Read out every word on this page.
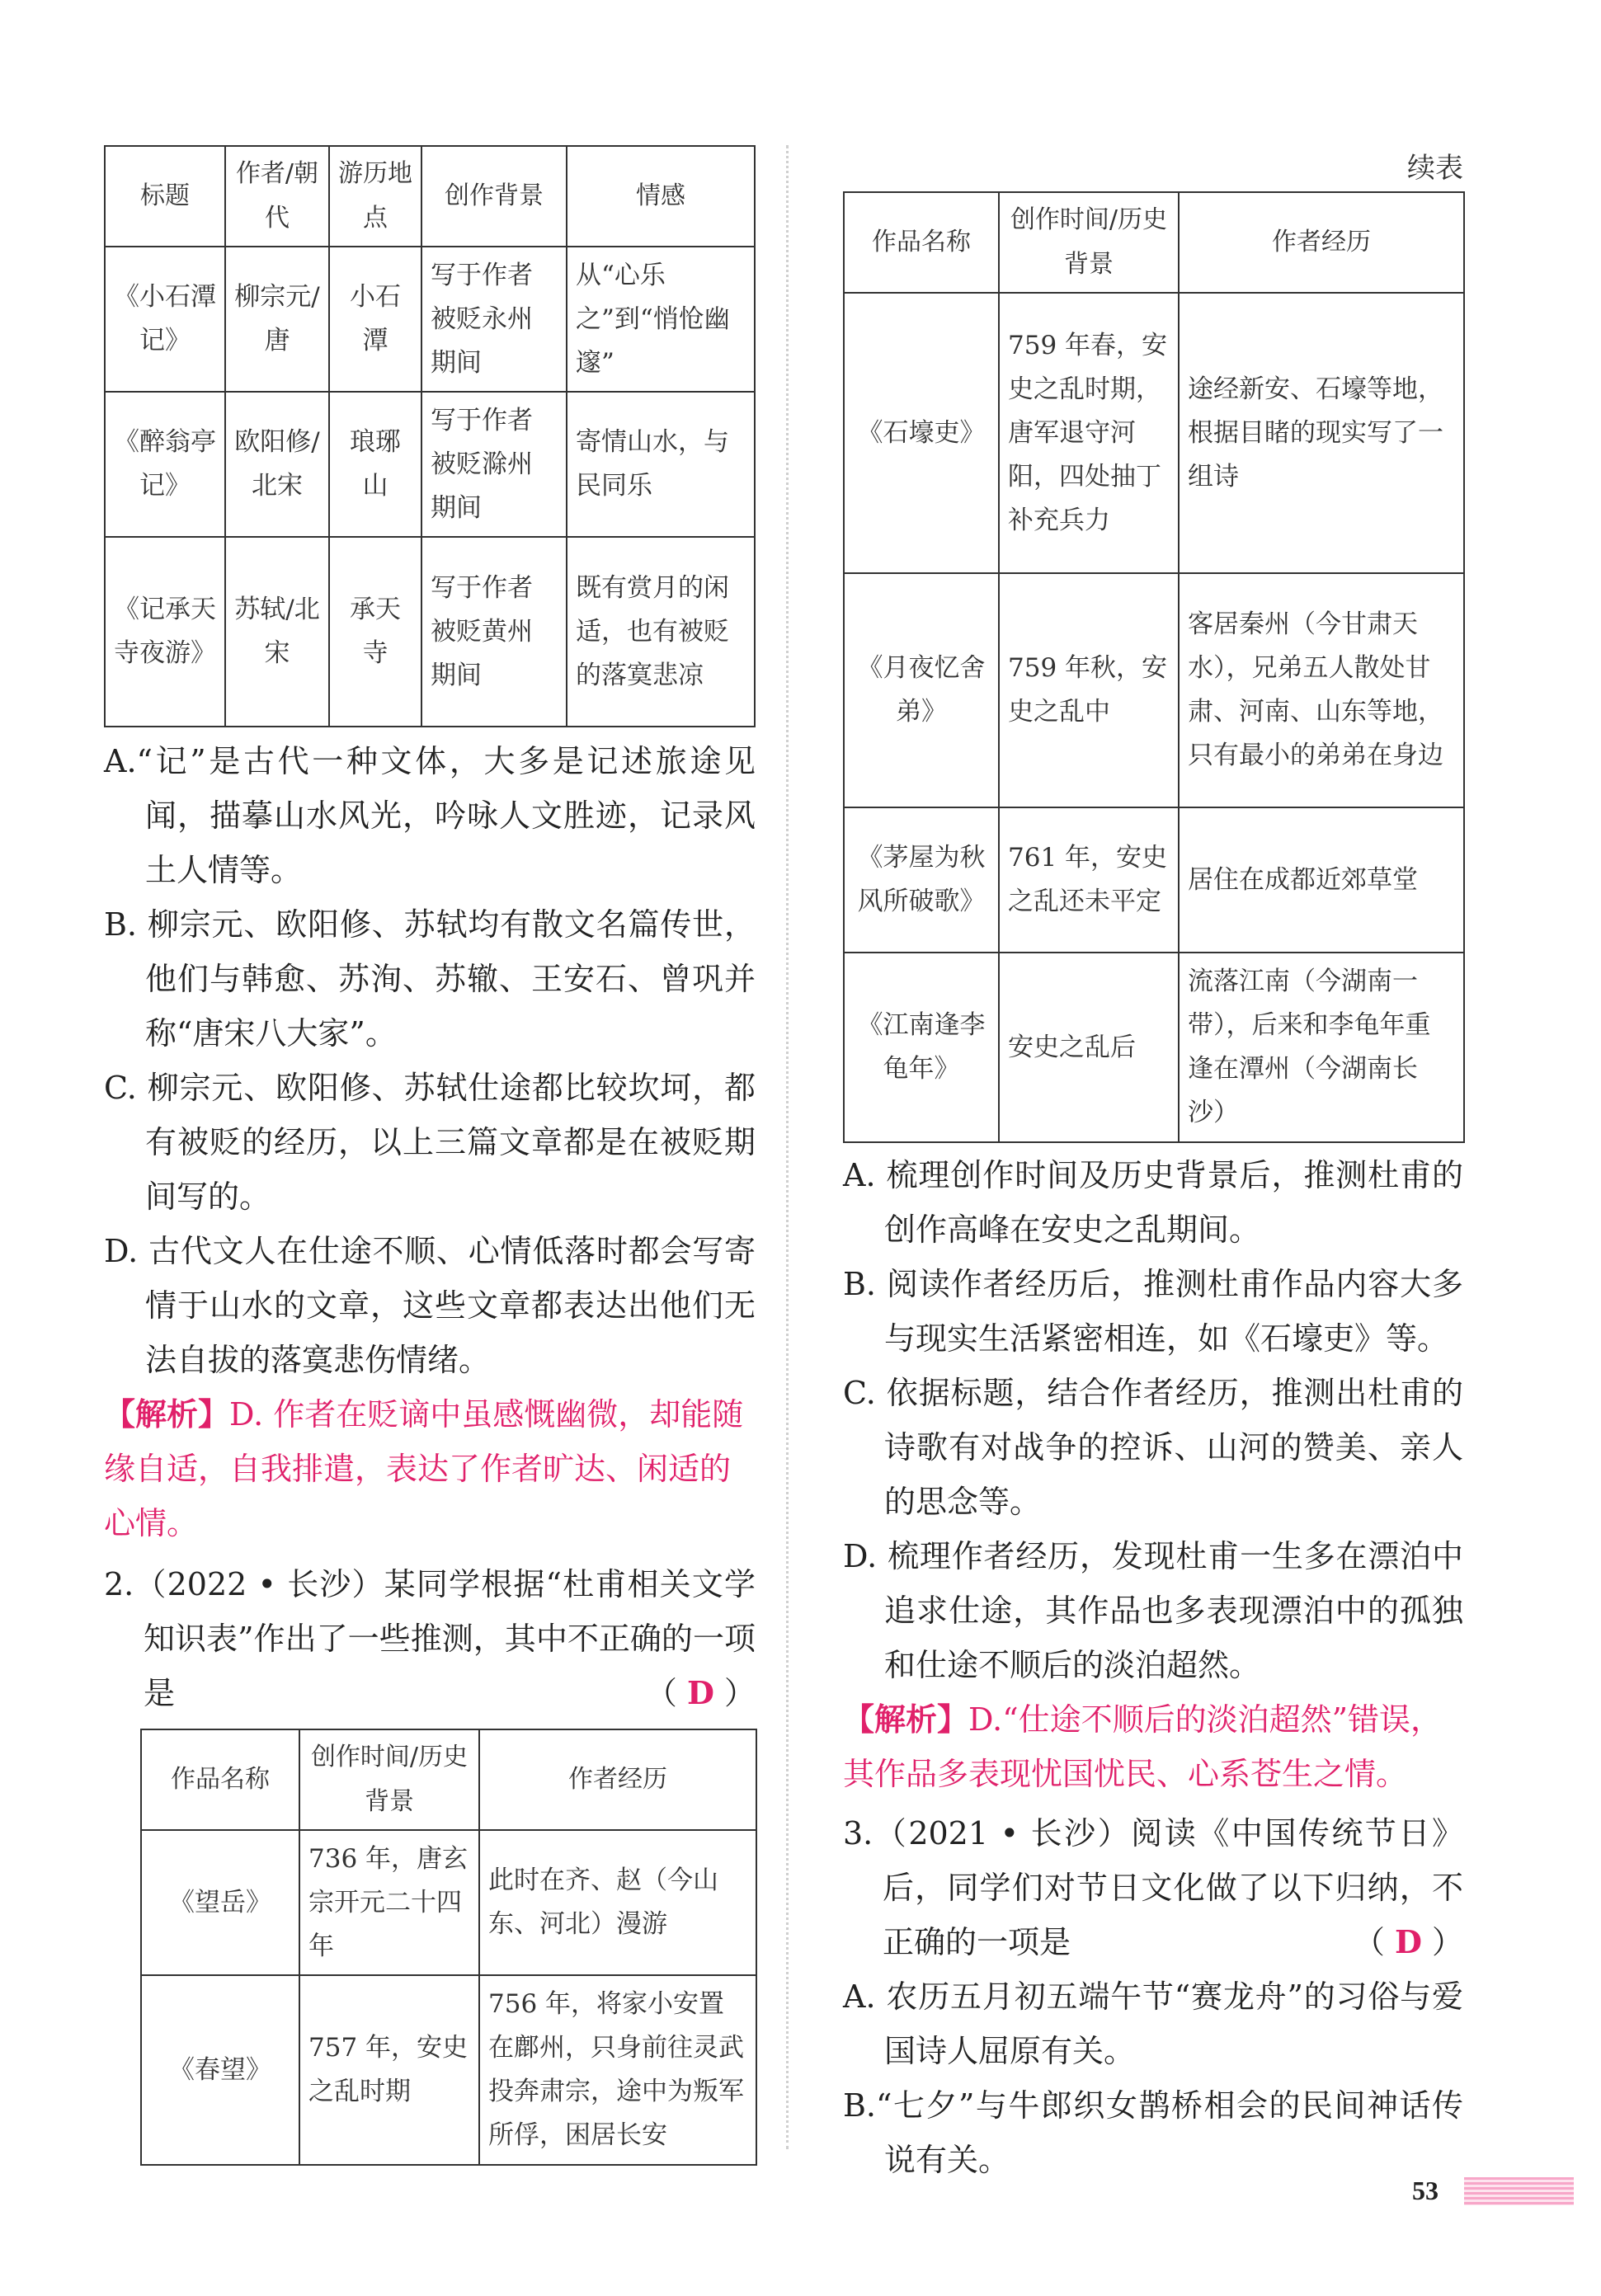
标题	作者/朝代	游历地点	创作背景	情感
《小石潭记》	柳宗元/唐	小石潭	写于作者被贬永州期间	从“心乐之”到“悄怆幽邃”
《醉翁亭记》	欧阳修/北宋	琅琊山	写于作者被贬滁州期间	寄情山水，与民同乐
《记承天寺夜游》	苏轼/北宋	承天寺	写于作者被贬黄州期间	既有赏月的闲适，也有被贬的落寞悲凉
A.“记”是古代一种文体，大多是记述旅途见闻，描摹山水风光，吟咏人文胜迹，记录风土人情等。
B. 柳宗元、欧阳修、苏轼均有散文名篇传世，他们与韩愈、苏洵、苏辙、王安石、曾巩并称“唐宋八大家”。
C. 柳宗元、欧阳修、苏轼仕途都比较坎坷，都有被贬的经历，以上三篇文章都是在被贬期间写的。
D. 古代文人在仕途不顺、心情低落时都会写寄情于山水的文章，这些文章都表达出他们无法自拔的落寞悲伤情绪。
【解析】D. 作者在贬谪中虽感慨幽微，却能随缘自适，自我排遣，表达了作者旷达、闲适的心情。
2.（2022 • 长沙）某同学根据“杜甫相关文学知识表”作出了一些推测，其中不正确的一项是	（ D ）
作品名称	创作时间/历史背景	作者经历
《望岳》	736 年，唐玄宗开元二十四年	此时在齐、赵（今山东、河北）漫游
《春望》	757 年，安史之乱时期	756 年，将家小安置在鄜州，只身前往灵武投奔肃宗，途中为叛军所俘，困居长安
续表
作品名称	创作时间/历史背景	作者经历
《石壕吏》	759 年春，安史之乱时期，唐军退守河阳，四处抽丁补充兵力	途经新安、石壕等地，根据目睹的现实写了一组诗
《月夜忆舍弟》	759 年秋，安史之乱中	客居秦州（今甘肃天水），兄弟五人散处甘肃、河南、山东等地，只有最小的弟弟在身边
《茅屋为秋风所破歌》	761 年，安史之乱还未平定	居住在成都近郊草堂
《江南逢李龟年》	安史之乱后	流落江南（今湖南一带），后来和李龟年重逢在潭州（今湖南长沙）
A. 梳理创作时间及历史背景后，推测杜甫的创作高峰在安史之乱期间。
B. 阅读作者经历后，推测杜甫作品内容大多与现实生活紧密相连，如《石壕吏》等。
C. 依据标题，结合作者经历，推测出杜甫的诗歌有对战争的控诉、山河的赞美、亲人的思念等。
D. 梳理作者经历，发现杜甫一生多在漂泊中追求仕途，其作品也多表现漂泊中的孤独和仕途不顺后的淡泊超然。
【解析】D.“仕途不顺后的淡泊超然”错误，其作品多表现忧国忧民、心系苍生之情。
3.（2021 • 长沙）阅读《中国传统节日》后，同学们对节日文化做了以下归纳，不正确的一项是	（ D ）
A. 农历五月初五端午节“赛龙舟”的习俗与爱国诗人屈原有关。
B.“七夕”与牛郎织女鹊桥相会的民间神话传说有关。
53
